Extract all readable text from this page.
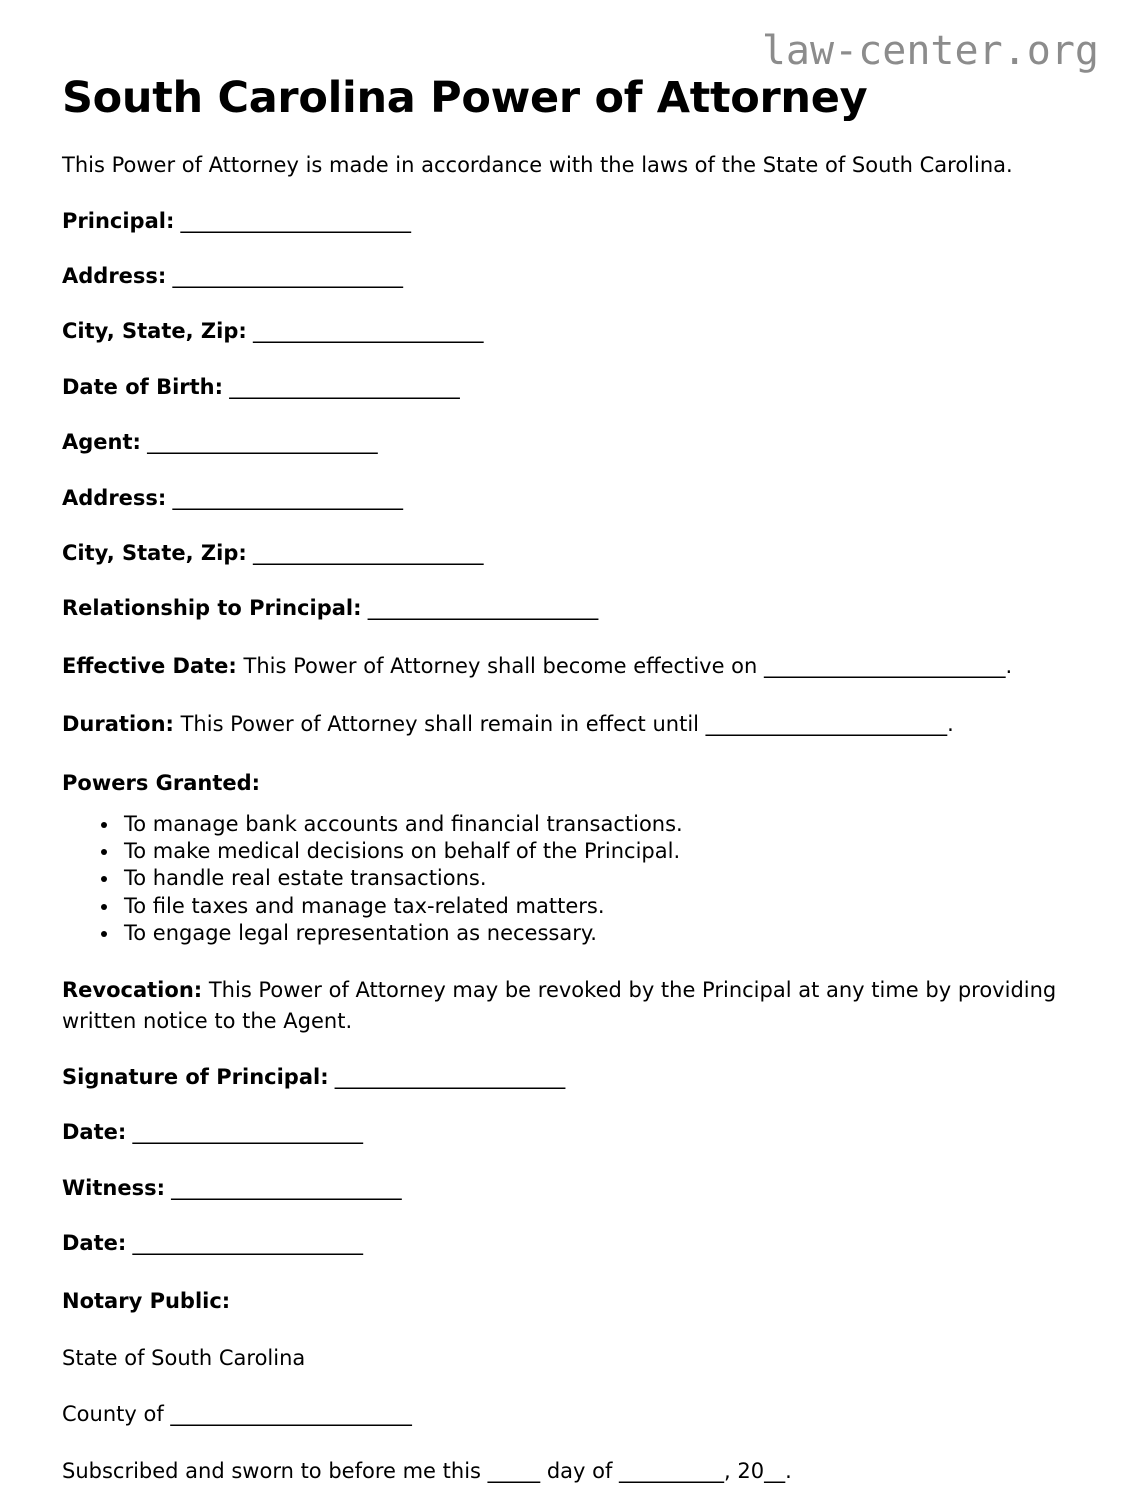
law-center.org
South Carolina Power of Attorney

This Power of Attorney is made in accordance with the laws of the State of South Carolina.

Principal: _______________________

Address: _______________________

City, State, Zip: _______________________

Date of Birth: _______________________

Agent: _______________________

Address: _______________________

City, State, Zip: _______________________

Relationship to Principal: _______________________

Effective Date: This Power of Attorney shall become effective on _______________________.

Duration: This Power of Attorney shall remain in effect until _______________________.

Powers Granted:
• To manage bank accounts and financial transactions.
• To make medical decisions on behalf of the Principal.
• To handle real estate transactions.
• To file taxes and manage tax-related matters.
• To engage legal representation as necessary.

Revocation: This Power of Attorney may be revoked by the Principal at any time by providing written notice to the Agent.

Signature of Principal: _______________________

Date: _______________________

Witness: _______________________

Date: _______________________

Notary Public:

State of South Carolina

County of _______________________

Subscribed and sworn to before me this _____ day of __________, 20__.
